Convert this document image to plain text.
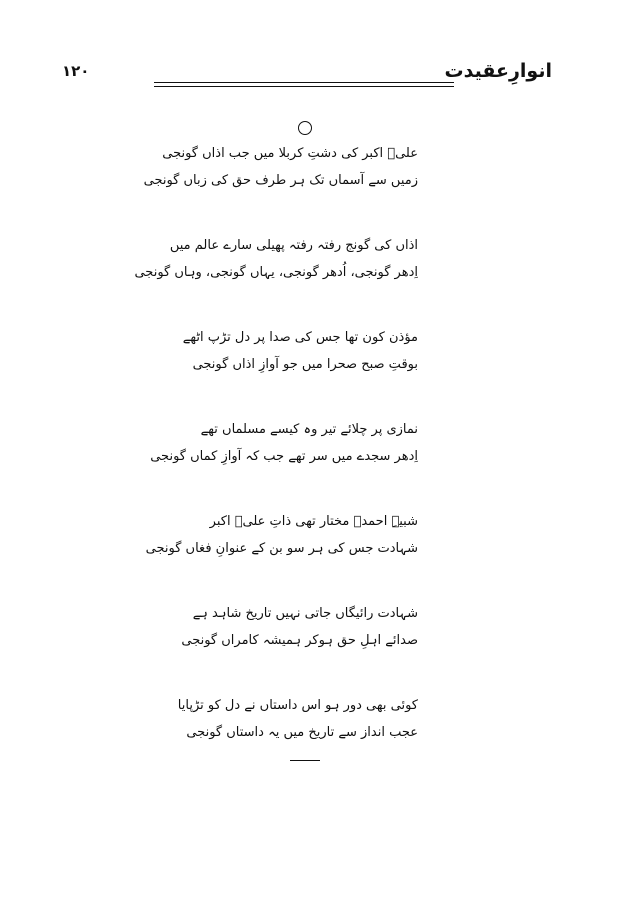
۱۲۰	انوارِعقیدت
علیؓ اکبر کی دشتِ کربلا میں جب اذاں گونجی
زمیں سے آسماں تک ہر طرف حق کی زباں گونجی
اذاں کی گونج رفتہ رفتہ پھیلی سارے عالم میں
اِدھر گونجی، اُدھر گونجی، یہاں گونجی، وہاں گونجی
مؤذن کون تھا جس کی صدا پر دل تڑپ اٹھے
بوقتِ صبح صحرا میں جو آوازِ اذاں گونجی
نمازی پر چلائے تیر وہ کیسے مسلماں تھے
اِدھر سجدے میں سر تھے جب کہ آوازِ کماں گونجی
شبیہِ احمدؐ مختار تھی ذاتِ علیؓ اکبر
شہادت جس کی ہر سو بن کے عنوانِ فغاں گونجی
شہادت رائیگاں جاتی نہیں تاریخ شاہد ہے
صدائے اہلِ حق ہوکر ہمیشہ کامراں گونجی
کوئی بھی دور ہو اس داستاں نے دل کو تڑپایا
عجب انداز سے تاریخ میں یہ داستاں گونجی
